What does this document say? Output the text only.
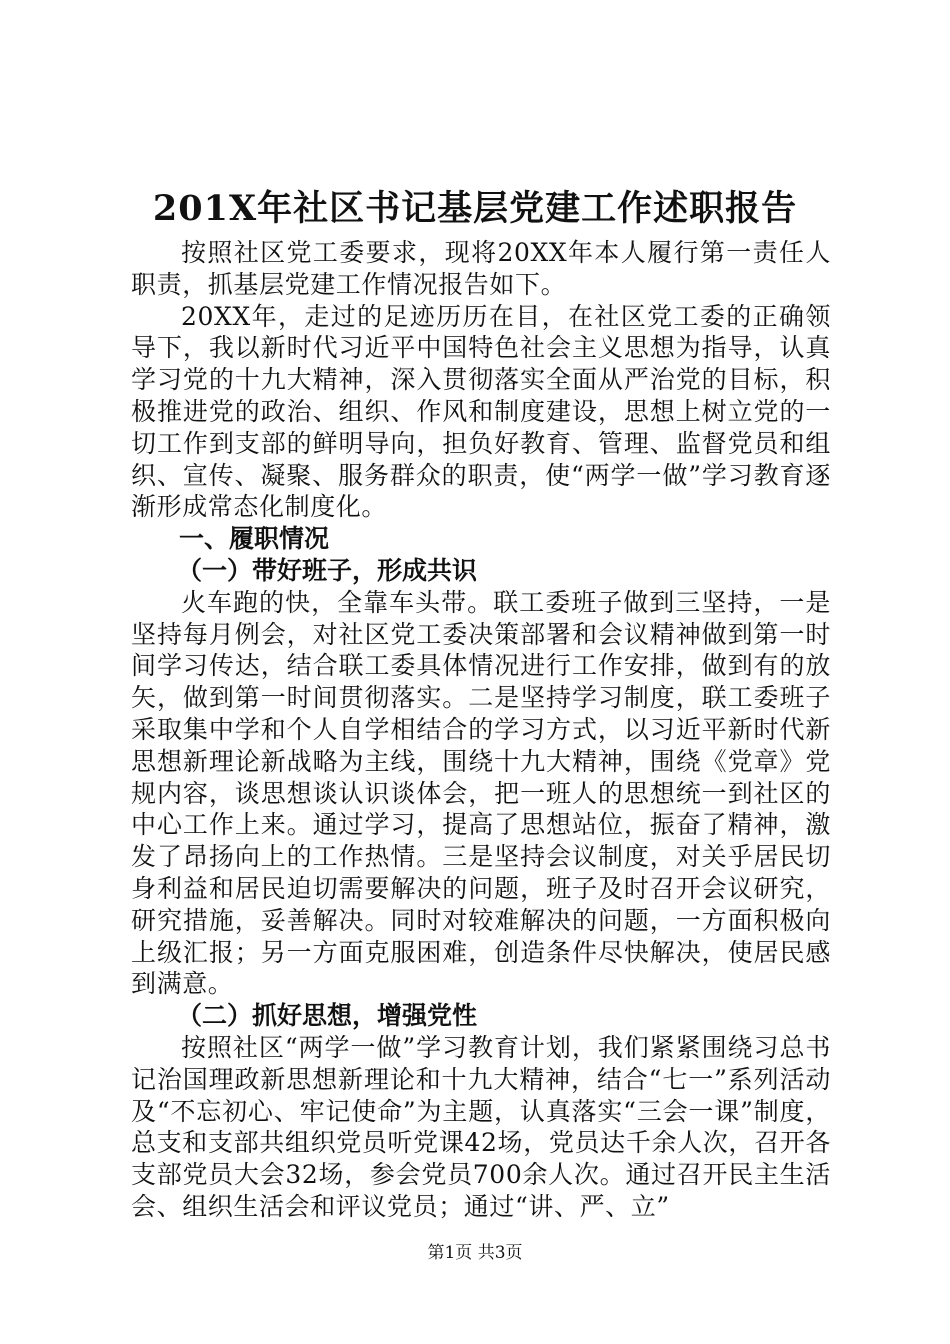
201X年社区书记基层党建工作述职报告

按照社区党工委要求，现将20XX年本人履行第一责任人职责，抓基层党建工作情况报告如下。

20XX年，走过的足迹历历在目，在社区党工委的正确领导下，我以新时代习近平中国特色社会主义思想为指导，认真学习党的十九大精神，深入贯彻落实全面从严治党的目标，积极推进党的政治、组织、作风和制度建设，思想上树立党的一切工作到支部的鲜明导向，担负好教育、管理、监督党员和组织、宣传、凝聚、服务群众的职责，使“两学一做”学习教育逐渐形成常态化制度化。

一、履职情况

（一）带好班子，形成共识

火车跑的快，全靠车头带。联工委班子做到三坚持，一是坚持每月例会，对社区党工委决策部署和会议精神做到第一时间学习传达，结合联工委具体情况进行工作安排，做到有的放矢，做到第一时间贯彻落实。二是坚持学习制度，联工委班子采取集中学和个人自学相结合的学习方式，以习近平新时代新思想新理论新战略为主线，围绕十九大精神，围绕《党章》党规内容，谈思想谈认识谈体会，把一班人的思想统一到社区的中心工作上来。通过学习，提高了思想站位，振奋了精神，激发了昂扬向上的工作热情。三是坚持会议制度，对关乎居民切身利益和居民迫切需要解决的问题，班子及时召开会议研究，研究措施，妥善解决。同时对较难解决的问题，一方面积极向上级汇报；另一方面克服困难，创造条件尽快解决，使居民感到满意。

（二）抓好思想，增强党性

按照社区“两学一做”学习教育计划，我们紧紧围绕习总书记治国理政新思想新理论和十九大精神，结合“七一”系列活动及“不忘初心、牢记使命”为主题，认真落实“三会一课”制度，总支和支部共组织党员听党课42场，党员达千余人次，召开各支部党员大会32场，参会党员700余人次。通过召开民主生活会、组织生活会和评议党员；通过“讲、严、立”

第1页 共3页
